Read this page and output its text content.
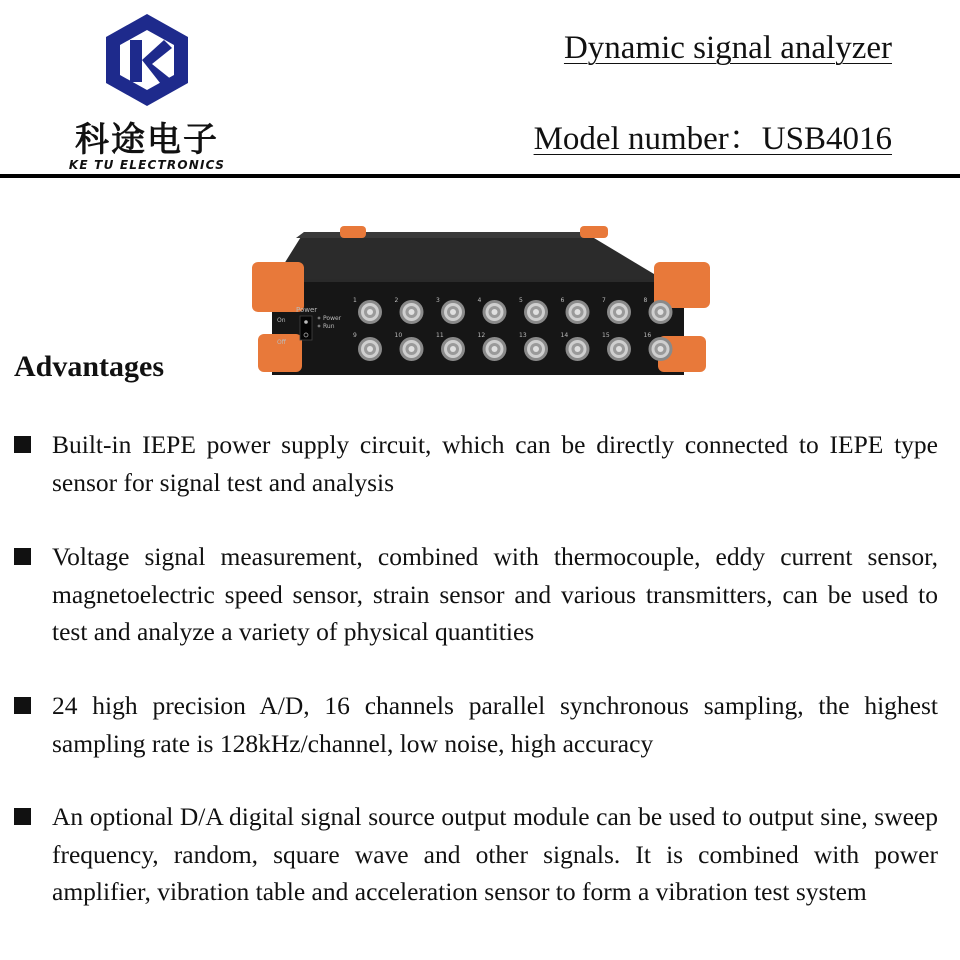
科途电子
KE TU ELECTRONICS
Dynamic signal analyzer
Model number：USB4016
Power
On
Off
Power
Run
1	2	3	4	5	6	7	8
9	10	11	12	13	14	15	16
Advantages
Built-in IEPE power supply circuit, which can be directly connected to IEPE type sensor for signal test and analysis
Voltage signal measurement, combined with thermocouple, eddy current sensor, magnetoelectric speed sensor, strain sensor and various transmitters, can be used to test and analyze a variety of physical quantities
24 high precision A/D, 16 channels parallel synchronous sampling, the highest sampling rate is 128kHz/channel, low noise, high accuracy
An optional D/A digital signal source output module can be used to output sine, sweep frequency, random, square wave and other signals. It is combined with power amplifier, vibration table and acceleration sensor to form a vibration test system
